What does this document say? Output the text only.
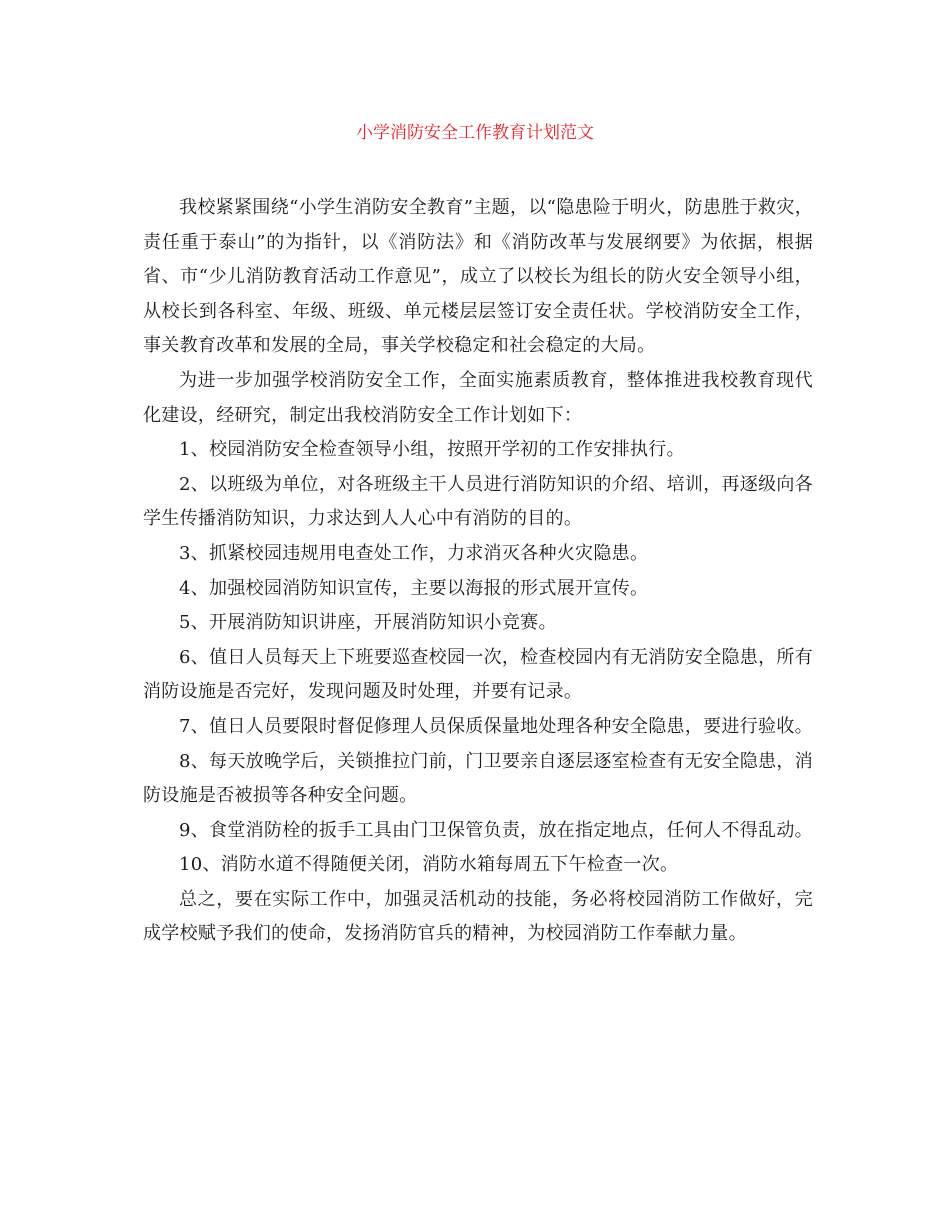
小学消防安全工作教育计划范文

我校紧紧围绕“小学生消防安全教育”主题，以“隐患险于明火，防患胜于救灾，责任重于泰山”的为指针，以《消防法》和《消防改革与发展纲要》为依据，根据省、市“少儿消防教育活动工作意见”，成立了以校长为组长的防火安全领导小组，从校长到各科室、年级、班级、单元楼层层签订安全责任状。学校消防安全工作，事关教育改革和发展的全局，事关学校稳定和社会稳定的大局。

为进一步加强学校消防安全工作，全面实施素质教育，整体推进我校教育现代化建设，经研究，制定出我校消防安全工作计划如下：

1、校园消防安全检查领导小组，按照开学初的工作安排执行。

2、以班级为单位，对各班级主干人员进行消防知识的介绍、培训，再逐级向各学生传播消防知识，力求达到人人心中有消防的目的。

3、抓紧校园违规用电查处工作，力求消灭各种火灾隐患。

4、加强校园消防知识宣传，主要以海报的形式展开宣传。

5、开展消防知识讲座，开展消防知识小竞赛。

6、值日人员每天上下班要巡查校园一次，检查校园内有无消防安全隐患，所有消防设施是否完好，发现问题及时处理，并要有记录。

7、值日人员要限时督促修理人员保质保量地处理各种安全隐患，要进行验收。

8、每天放晚学后，关锁推拉门前，门卫要亲自逐层逐室检查有无安全隐患，消防设施是否被损等各种安全问题。

9、食堂消防栓的扳手工具由门卫保管负责，放在指定地点，任何人不得乱动。

10、消防水道不得随便关闭，消防水箱每周五下午检查一次。

总之，要在实际工作中，加强灵活机动的技能，务必将校园消防工作做好，完成学校赋予我们的使命，发扬消防官兵的精神，为校园消防工作奉献力量。
